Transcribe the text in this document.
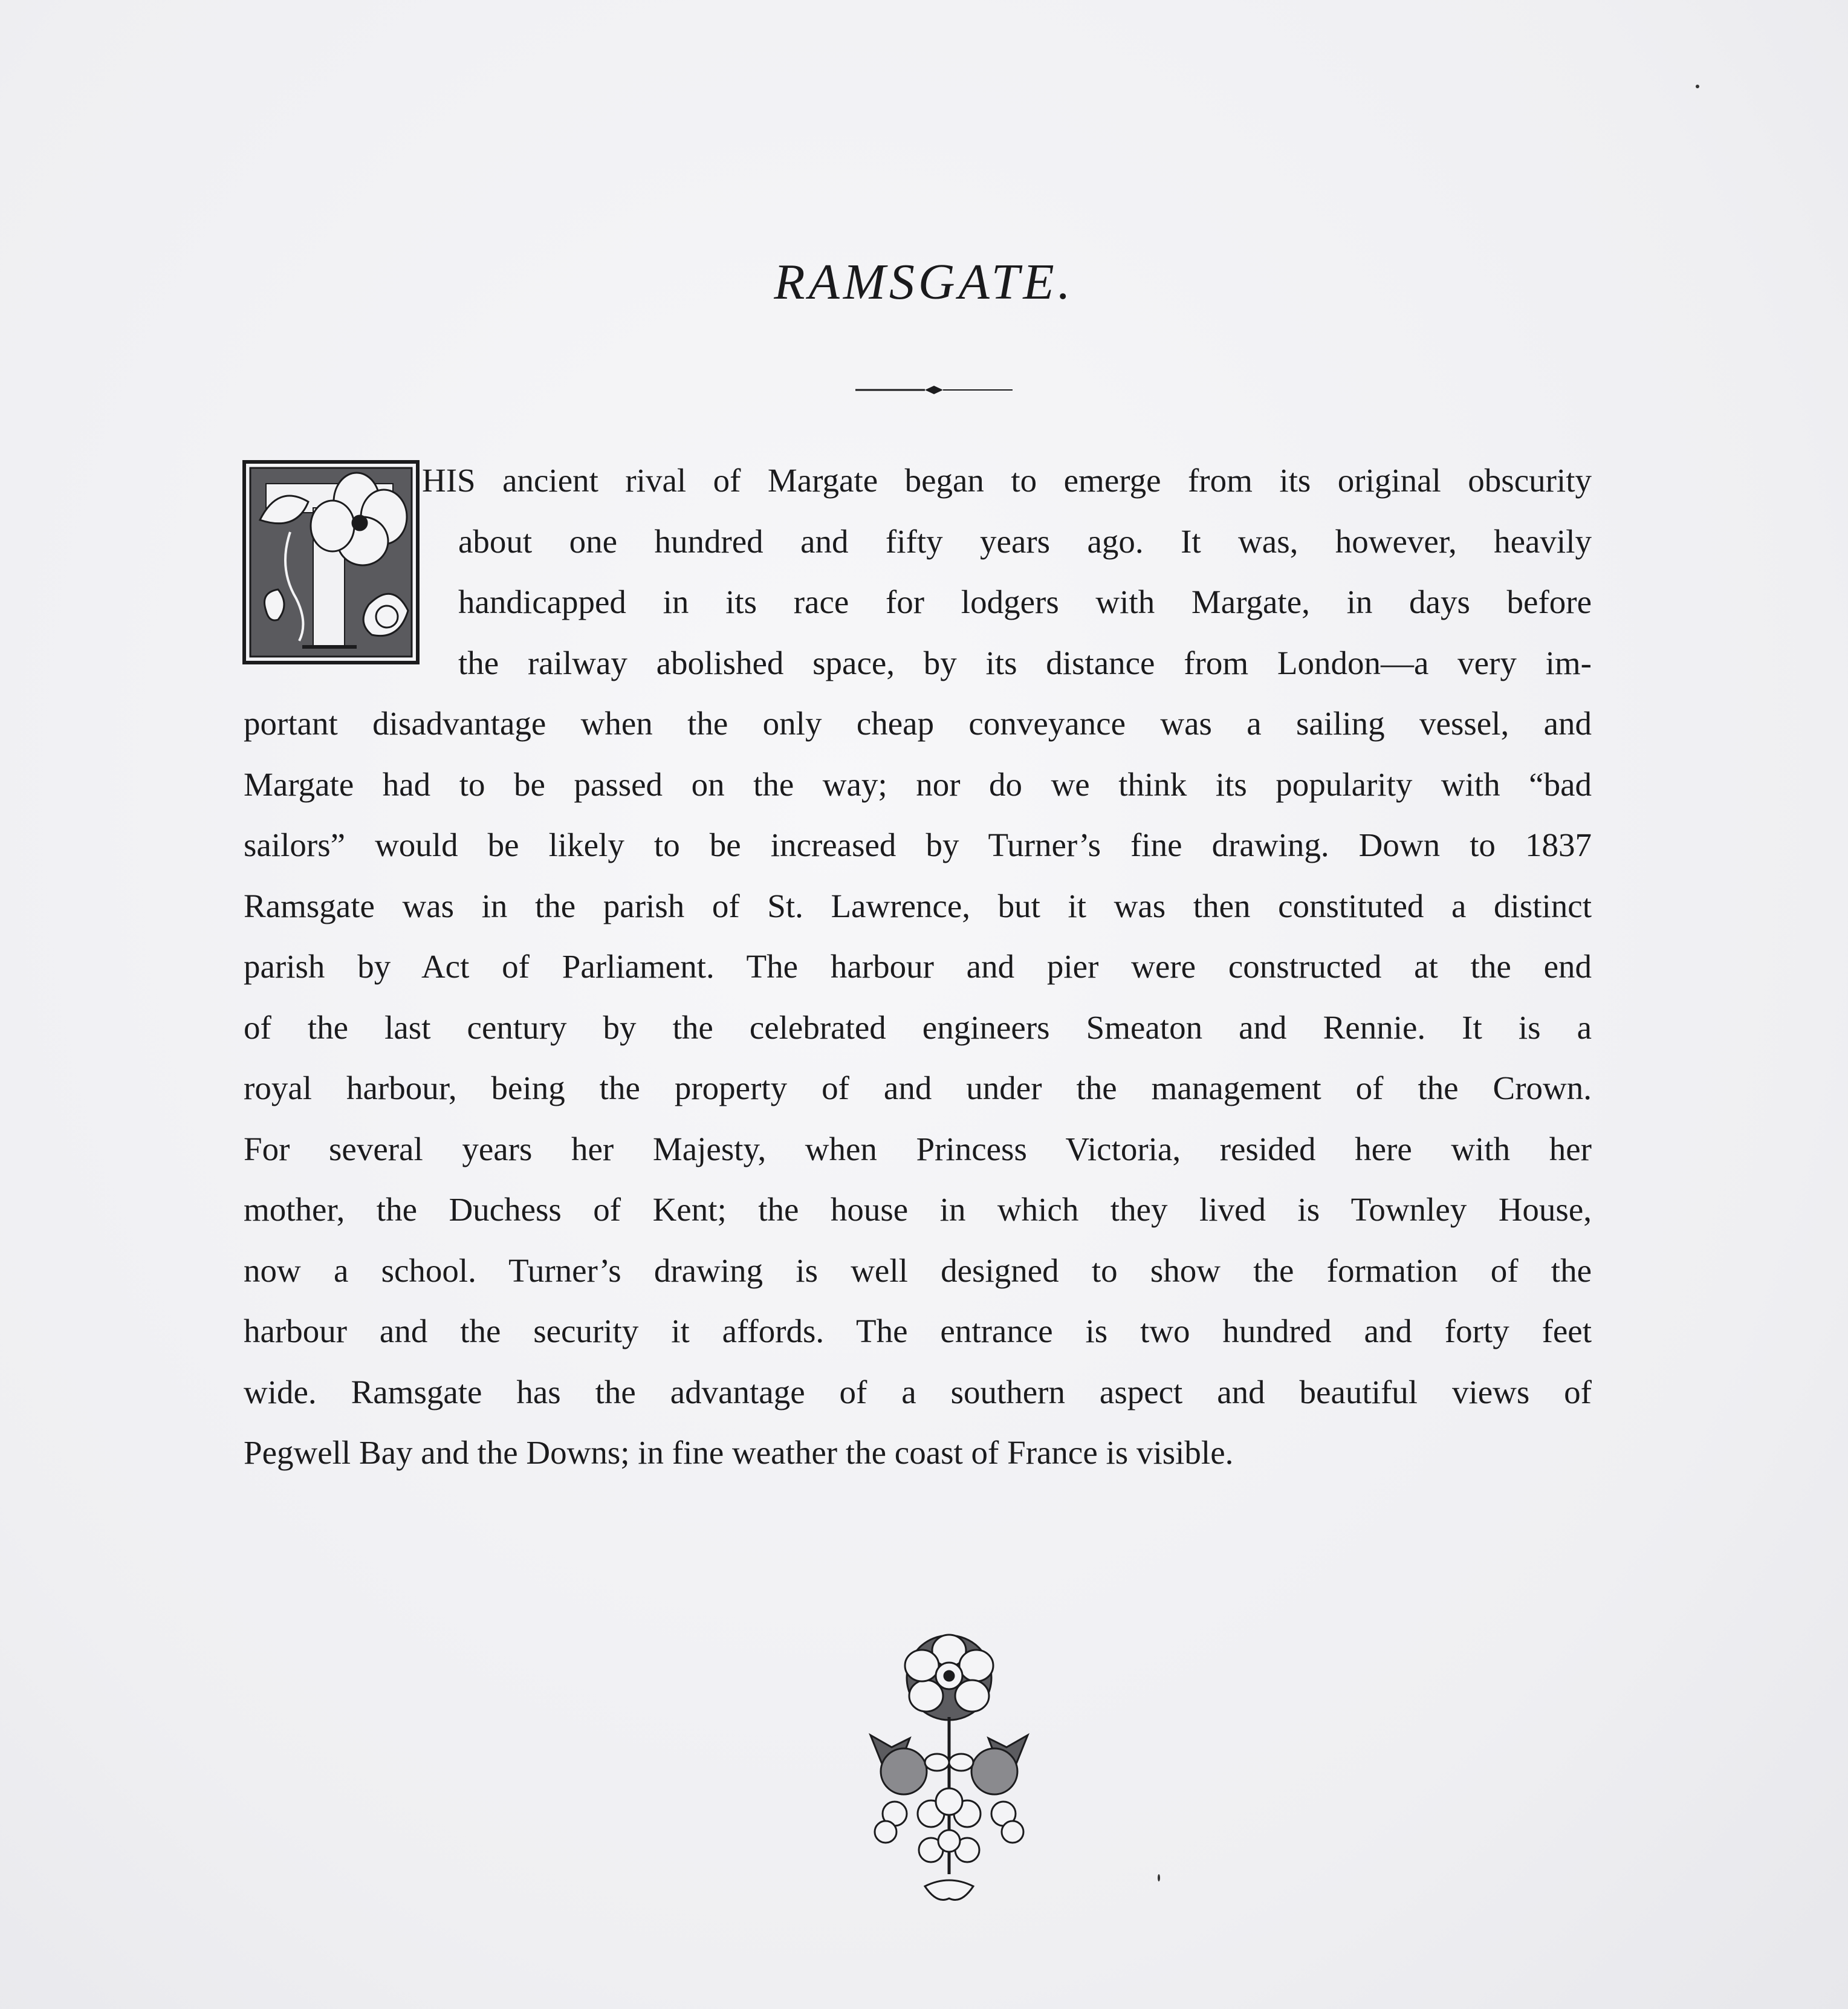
RAMSGATE.
HIS ancient rival of Margate began to emerge from its original obscurity
about one hundred and fifty years ago. It was, however, heavily
handicapped in its race for lodgers with Margate, in days before
the railway abolished space, by its distance from London—a very im-
portant disadvantage when the only cheap conveyance was a sailing vessel, and
Margate had to be passed on the way; nor do we think its popularity with “bad
sailors” would be likely to be increased by Turner’s fine drawing. Down to 1837
Ramsgate was in the parish of St. Lawrence, but it was then constituted a distinct
parish by Act of Parliament. The harbour and pier were constructed at the end
of the last century by the celebrated engineers Smeaton and Rennie. It is a
royal harbour, being the property of and under the management of the Crown.
For several years her Majesty, when Princess Victoria, resided here with her
mother, the Duchess of Kent; the house in which they lived is Townley House,
now a school. Turner’s drawing is well designed to show the formation of the
harbour and the security it affords. The entrance is two hundred and forty feet
wide. Ramsgate has the advantage of a southern aspect and beautiful views of
Pegwell Bay and the Downs; in fine weather the coast of France is visible.
